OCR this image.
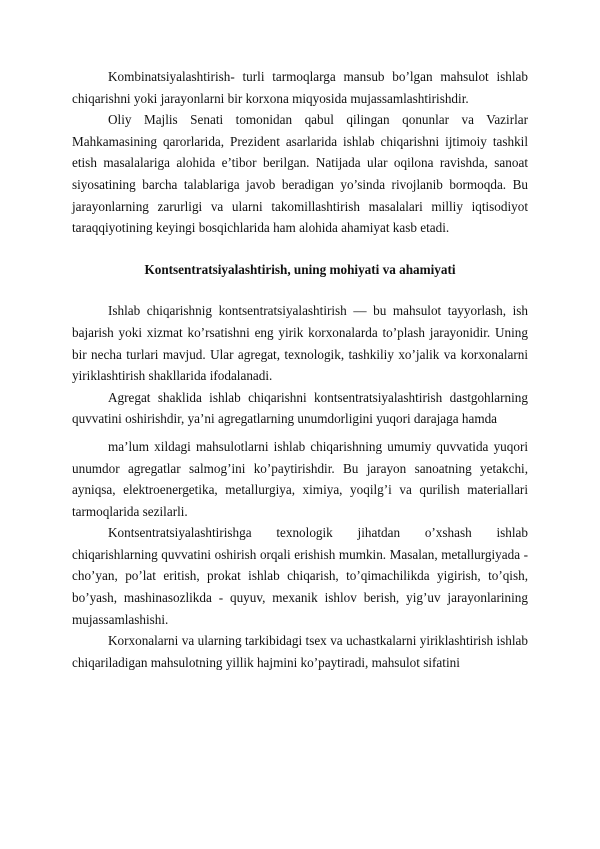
Kombinatsiyalashtirish- turli tarmoqlarga mansub bo’lgan mahsulot ishlab chiqarishni yoki jarayonlarni bir korxona miqyosida mujassamlashtirishdir.

Oliy Majlis Senati tomonidan qabul qilingan qonunlar va Vazirlar Mahkamasining qarorlarida, Prezident asarlarida ishlab chiqarishni ijtimoiy tashkil etish masalalariga alohida e’tibor berilgan. Natijada ular oqilona ravishda, sanoat siyosatining barcha talablariga javob beradigan yo’sinda rivojlanib bormoqda. Bu jarayonlarning zarurligi va ularni takomillashtirish masalalari milliy iqtisodiyot taraqqiyotining keyingi bosqichlarida ham alohida ahamiyat kasb etadi.

Kontsentratsiyalashtirish, uning mohiyati va ahamiyati

Ishlab chiqarishnig kontsentratsiyalashtirish — bu mahsulot tayyorlash, ish bajarish yoki xizmat ko’rsatishni eng yirik korxonalarda to’plash jarayonidir. Uning bir necha turlari mavjud. Ular agregat, texnologik, tashkiliy xo’jalik va korxonalarni yiriklashtirish shakllarida ifodalanadi.

Agregat shaklida ishlab chiqarishni kontsentratsiyalashtirish dastgohlarning quvvatini oshirishdir, ya’ni agregatlarning unumdorligini yuqori darajaga hamda

ma’lum xildagi mahsulotlarni ishlab chiqarishning umumiy quvvatida yuqori unumdor agregatlar salmog’ini ko’paytirishdir. Bu jarayon sanoatning yetakchi, ayniqsa, elektroenergetika, metallurgiya, ximiya, yoqilg’i va qurilish materiallari tarmoqlarida sezilarli.

Kontsentratsiyalashtirishga texnologik jihatdan o’xshash ishlab chiqarishlarning quvvatini oshirish orqali erishish mumkin. Masalan, metallurgiyada - cho’yan, po’lat eritish, prokat ishlab chiqarish, to’qimachilikda yigirish, to’qish, bo’yash, mashinasozlikda - quyuv, mexanik ishlov berish, yig’uv jarayonlarining mujassamlashishi.

Korxonalarni va ularning tarkibidagi tsex va uchastkalarni yiriklashtirish ishlab chiqariladigan mahsulotning yillik hajmini ko’paytiradi, mahsulot sifatini
